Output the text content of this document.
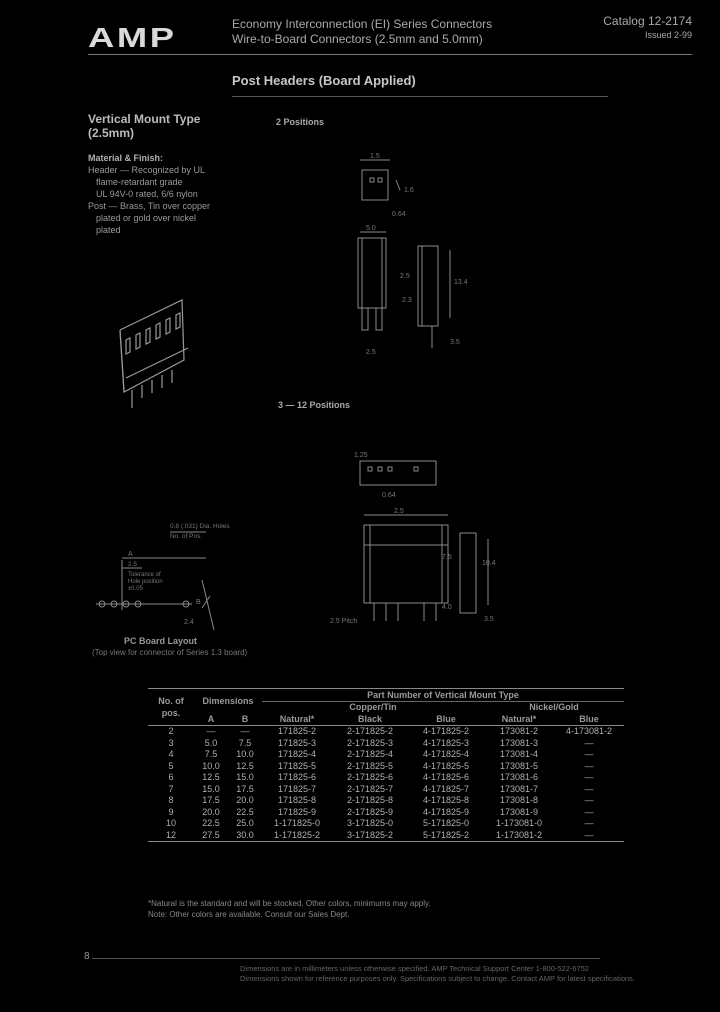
AMP	Economy Interconnection (EI) Series Connectors
Wire-to-Board Connectors (2.5mm and 5.0mm)
Catalog 12-2174
Issued 2-99
Post Headers (Board Applied)
Vertical Mount Type
(2.5mm)
Material & Finish:
Header — Recognized by UL
flame-retardant grade
UL 94V-0 rated, 6/6 nylon
Post — Brass, Tin over copper
plated or gold over nickel
plated
2 Positions
1.5
1.6
0.64
5.0
2.5
13.4
2.3
2.5
3.5
3 — 12 Positions
1.25
0.64
2.5
7.5
10.4
4.0
2.5 Pitch	3.5
0.8 (.031) Dia. Holes
No. of Pos.
A
2.5
Tolerance of
Hole position
±0.05
2.4
B
PC Board Layout
(Top view for connector of Series 1.3 board)
No. of
pos.	Dimensions		Part Number of Vertical Mount Type				
			Copper/Tin			Nickel/Gold	
	A	B	Natural*	Black	Blue	Natural*	Blue
2	—	—	171825-2	2-171825-2	4-171825-2	173081-2	4-173081-2
3	5.0	7.5	171825-3	2-171825-3	4-171825-3	173081-3	—
4	7.5	10.0	171825-4	2-171825-4	4-171825-4	173081-4	—
5	10.0	12.5	171825-5	2-171825-5	4-171825-5	173081-5	—
6	12.5	15.0	171825-6	2-171825-6	4-171825-6	173081-6	—
7	15.0	17.5	171825-7	2-171825-7	4-171825-7	173081-7	—
8	17.5	20.0	171825-8	2-171825-8	4-171825-8	173081-8	—
9	20.0	22.5	171825-9	2-171825-9	4-171825-9	173081-9	—
10	22.5	25.0	1-171825-0	3-171825-0	5-171825-0	1-173081-0	—
12	27.5	30.0	1-171825-2	3-171825-2	5-171825-2	1-173081-2	—
*Natural is the standard and will be stocked. Other colors, minimums may apply.
Note: Other colors are available. Consult our Sales Dept.
8
Dimensions are in millimeters unless otherwise specified. AMP Technical Support Center 1-800-522-6752
Dimensions shown for reference purposes only. Specifications subject to change. Contact AMP for latest specifications.
